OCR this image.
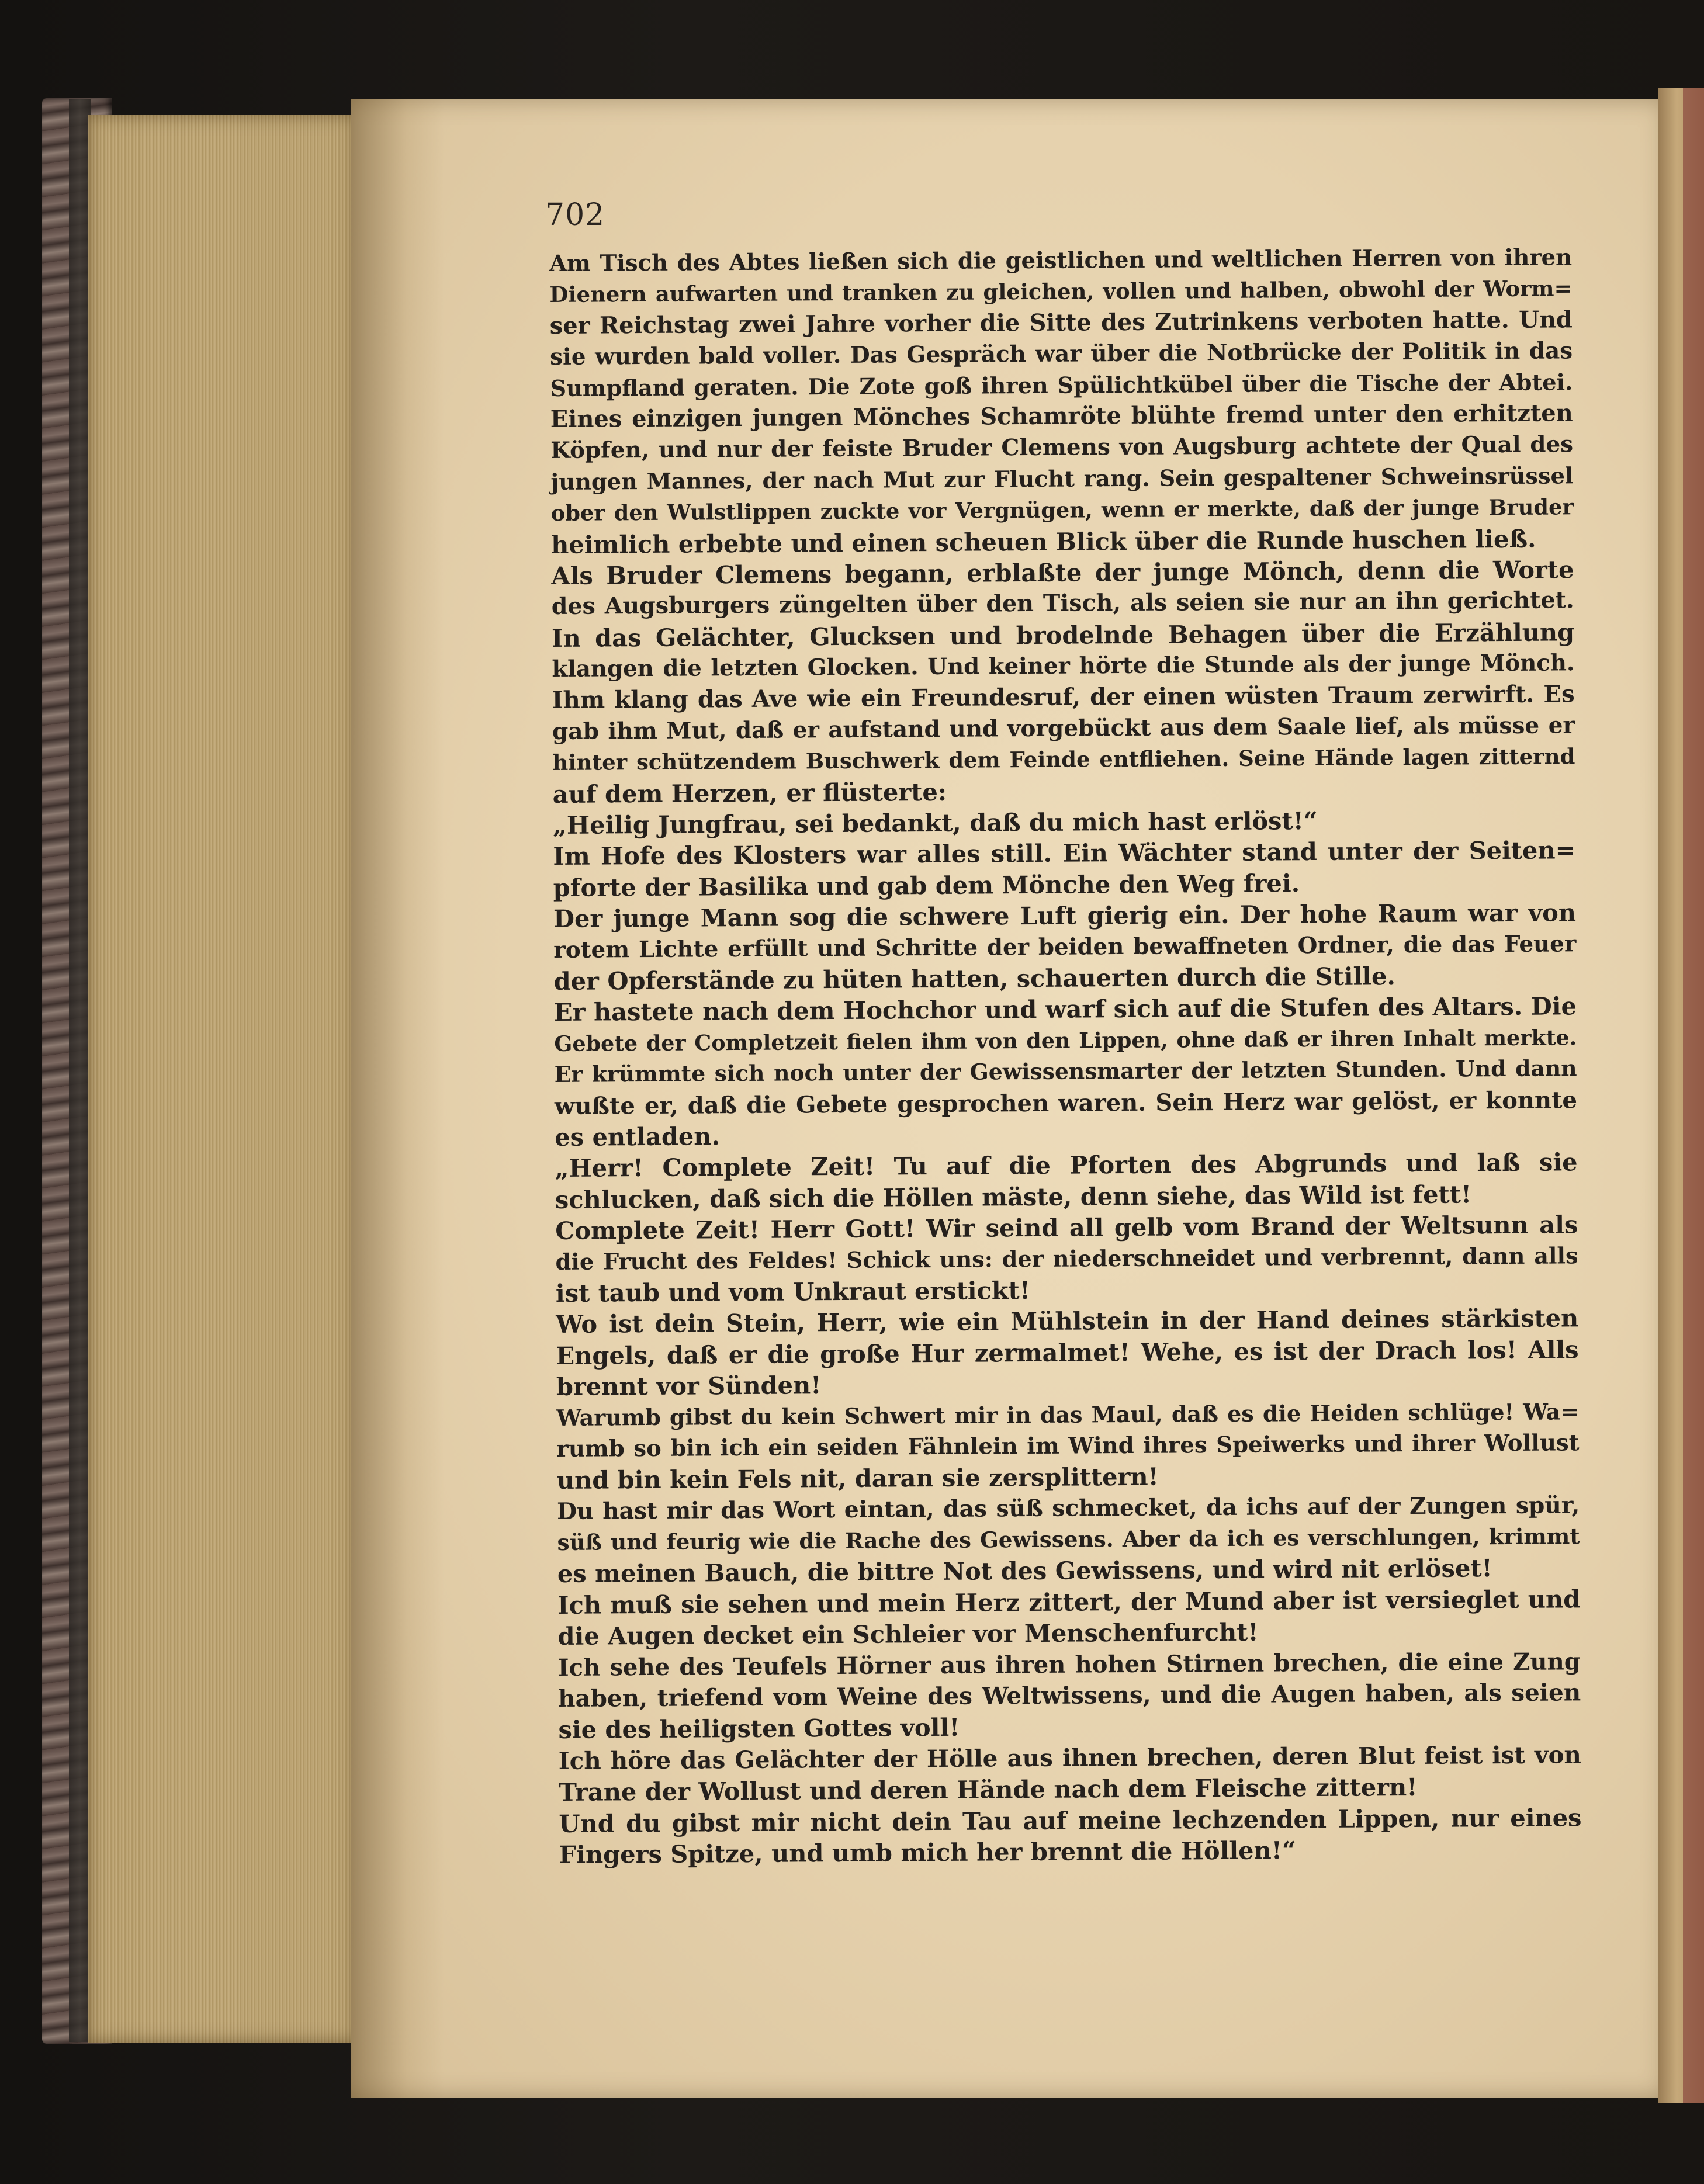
702
Am Tisch des Abtes ließen sich die geistlichen und weltlichen Herren von ihren
Dienern aufwarten und tranken zu gleichen, vollen und halben, obwohl der Worm=
ser Reichstag zwei Jahre vorher die Sitte des Zutrinkens verboten hatte. Und
sie wurden bald voller. Das Gespräch war über die Notbrücke der Politik in das
Sumpfland geraten. Die Zote goß ihren Spülichtkübel über die Tische der Abtei.
Eines einzigen jungen Mönches Schamröte blühte fremd unter den erhitzten
Köpfen, und nur der feiste Bruder Clemens von Augsburg achtete der Qual des
jungen Mannes, der nach Mut zur Flucht rang. Sein gespaltener Schweinsrüssel
ober den Wulstlippen zuckte vor Vergnügen, wenn er merkte, daß der junge Bruder
heimlich erbebte und einen scheuen Blick über die Runde huschen ließ.
Als Bruder Clemens begann, erblaßte der junge Mönch, denn die Worte
des Augsburgers züngelten über den Tisch, als seien sie nur an ihn gerichtet.
In das Gelächter, Glucksen und brodelnde Behagen über die Erzählung
klangen die letzten Glocken. Und keiner hörte die Stunde als der junge Mönch.
Ihm klang das Ave wie ein Freundesruf, der einen wüsten Traum zerwirft. Es
gab ihm Mut, daß er aufstand und vorgebückt aus dem Saale lief, als müsse er
hinter schützendem Buschwerk dem Feinde entfliehen. Seine Hände lagen zitternd
auf dem Herzen, er flüsterte:
„Heilig Jungfrau, sei bedankt, daß du mich hast erlöst!“
Im Hofe des Klosters war alles still. Ein Wächter stand unter der Seiten=
pforte der Basilika und gab dem Mönche den Weg frei.
Der junge Mann sog die schwere Luft gierig ein. Der hohe Raum war von
rotem Lichte erfüllt und Schritte der beiden bewaffneten Ordner, die das Feuer
der Opferstände zu hüten hatten, schauerten durch die Stille.
Er hastete nach dem Hochchor und warf sich auf die Stufen des Altars. Die
Gebete der Completzeit fielen ihm von den Lippen, ohne daß er ihren Inhalt merkte.
Er krümmte sich noch unter der Gewissensmarter der letzten Stunden. Und dann
wußte er, daß die Gebete gesprochen waren. Sein Herz war gelöst, er konnte
es entladen.
„Herr! Complete Zeit! Tu auf die Pforten des Abgrunds und laß sie
schlucken, daß sich die Höllen mäste, denn siehe, das Wild ist fett!
Complete Zeit! Herr Gott! Wir seind all gelb vom Brand der Weltsunn als
die Frucht des Feldes! Schick uns: der niederschneidet und verbrennt, dann alls
ist taub und vom Unkraut erstickt!
Wo ist dein Stein, Herr, wie ein Mühlstein in der Hand deines stärkisten
Engels, daß er die große Hur zermalmet! Wehe, es ist der Drach los! Alls
brennt vor Sünden!
Warumb gibst du kein Schwert mir in das Maul, daß es die Heiden schlüge! Wa=
rumb so bin ich ein seiden Fähnlein im Wind ihres Speiwerks und ihrer Wollust
und bin kein Fels nit, daran sie zersplittern!
Du hast mir das Wort eintan, das süß schmecket, da ichs auf der Zungen spür,
süß und feurig wie die Rache des Gewissens. Aber da ich es verschlungen, krimmt
es meinen Bauch, die bittre Not des Gewissens, und wird nit erlöset!
Ich muß sie sehen und mein Herz zittert, der Mund aber ist versieglet und
die Augen decket ein Schleier vor Menschenfurcht!
Ich sehe des Teufels Hörner aus ihren hohen Stirnen brechen, die eine Zung
haben, triefend vom Weine des Weltwissens, und die Augen haben, als seien
sie des heiligsten Gottes voll!
Ich höre das Gelächter der Hölle aus ihnen brechen, deren Blut feist ist von
Trane der Wollust und deren Hände nach dem Fleische zittern!
Und du gibst mir nicht dein Tau auf meine lechzenden Lippen, nur eines
Fingers Spitze, und umb mich her brennt die Höllen!“
